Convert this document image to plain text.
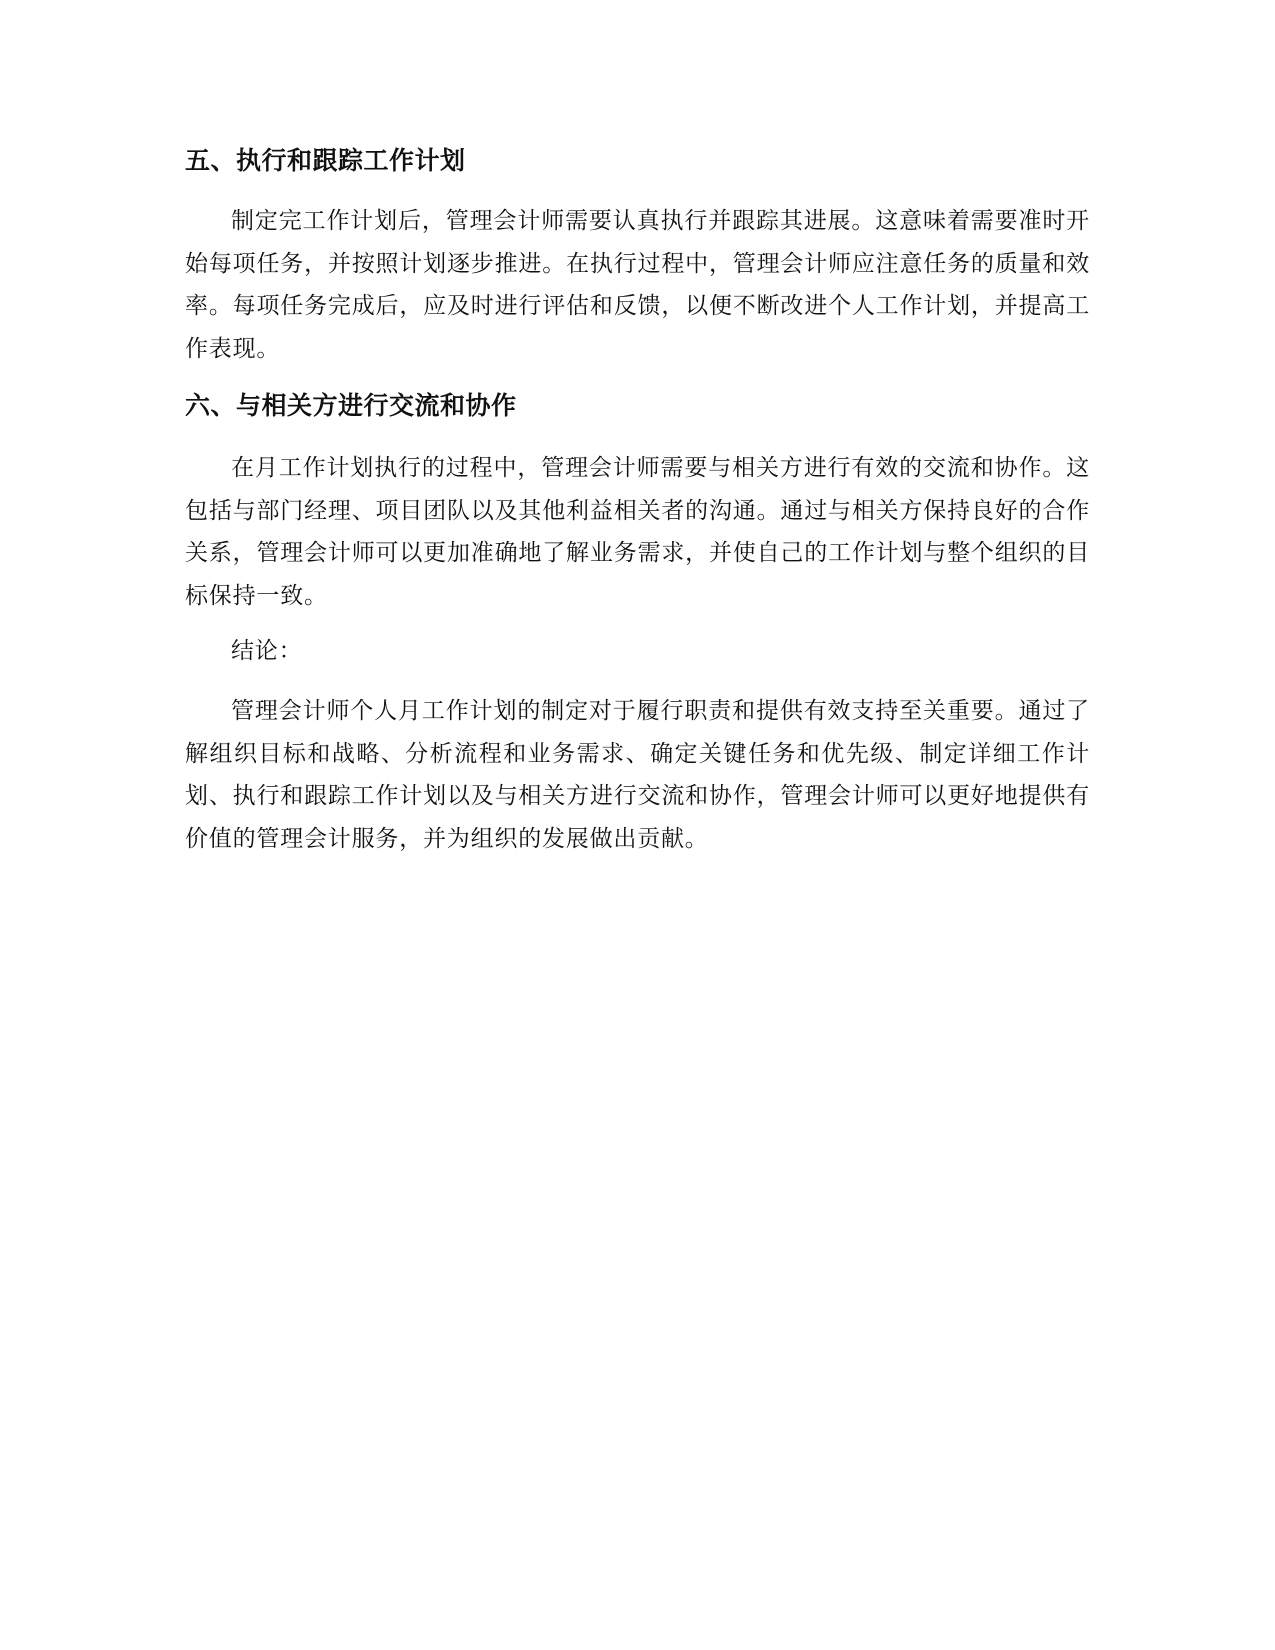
五、执行和跟踪工作计划

制定完工作计划后，管理会计师需要认真执行并跟踪其进展。这意味着需要准时开始每项任务，并按照计划逐步推进。在执行过程中，管理会计师应注意任务的质量和效率。每项任务完成后，应及时进行评估和反馈，以便不断改进个人工作计划，并提高工作表现。

六、与相关方进行交流和协作

在月工作计划执行的过程中，管理会计师需要与相关方进行有效的交流和协作。这包括与部门经理、项目团队以及其他利益相关者的沟通。通过与相关方保持良好的合作关系，管理会计师可以更加准确地了解业务需求，并使自己的工作计划与整个组织的目标保持一致。

结论：

管理会计师个人月工作计划的制定对于履行职责和提供有效支持至关重要。通过了解组织目标和战略、分析流程和业务需求、确定关键任务和优先级、制定详细工作计划、执行和跟踪工作计划以及与相关方进行交流和协作，管理会计师可以更好地提供有价值的管理会计服务，并为组织的发展做出贡献。
